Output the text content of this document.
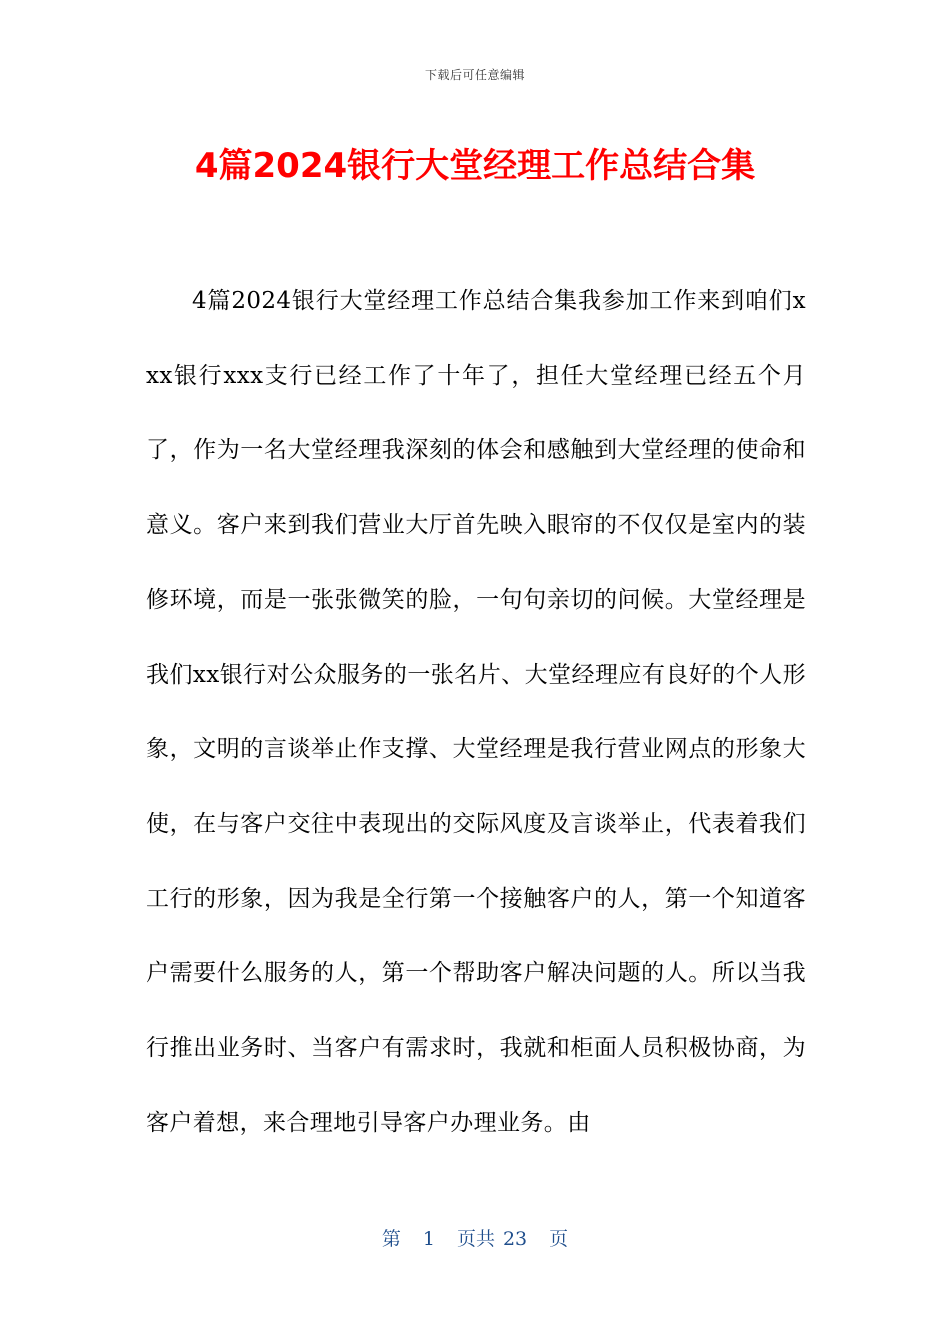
下载后可任意编辑
4篇2024银行大堂经理工作总结合集

4篇2024银行大堂经理工作总结合集我参加工作来到咱们xxx银行xxx支行已经工作了十年了，担任大堂经理已经五个月了，作为一名大堂经理我深刻的体会和感触到大堂经理的使命和意义。客户来到我们营业大厅首先映入眼帘的不仅仅是室内的装修环境，而是一张张微笑的脸，一句句亲切的问候。大堂经理是我们xx银行对公众服务的一张名片、大堂经理应有良好的个人形象，文明的言谈举止作支撑、大堂经理是我行营业网点的形象大使，在与客户交往中表现出的交际风度及言谈举止，代表着我们工行的形象，因为我是全行第一个接触客户的人，第一个知道客户需要什么服务的人，第一个帮助客户解决问题的人。所以当我行推出业务时、当客户有需求时，我就和柜面人员积极协商，为客户着想，来合理地引导客户办理业务。由

第 1 页共 23 页
